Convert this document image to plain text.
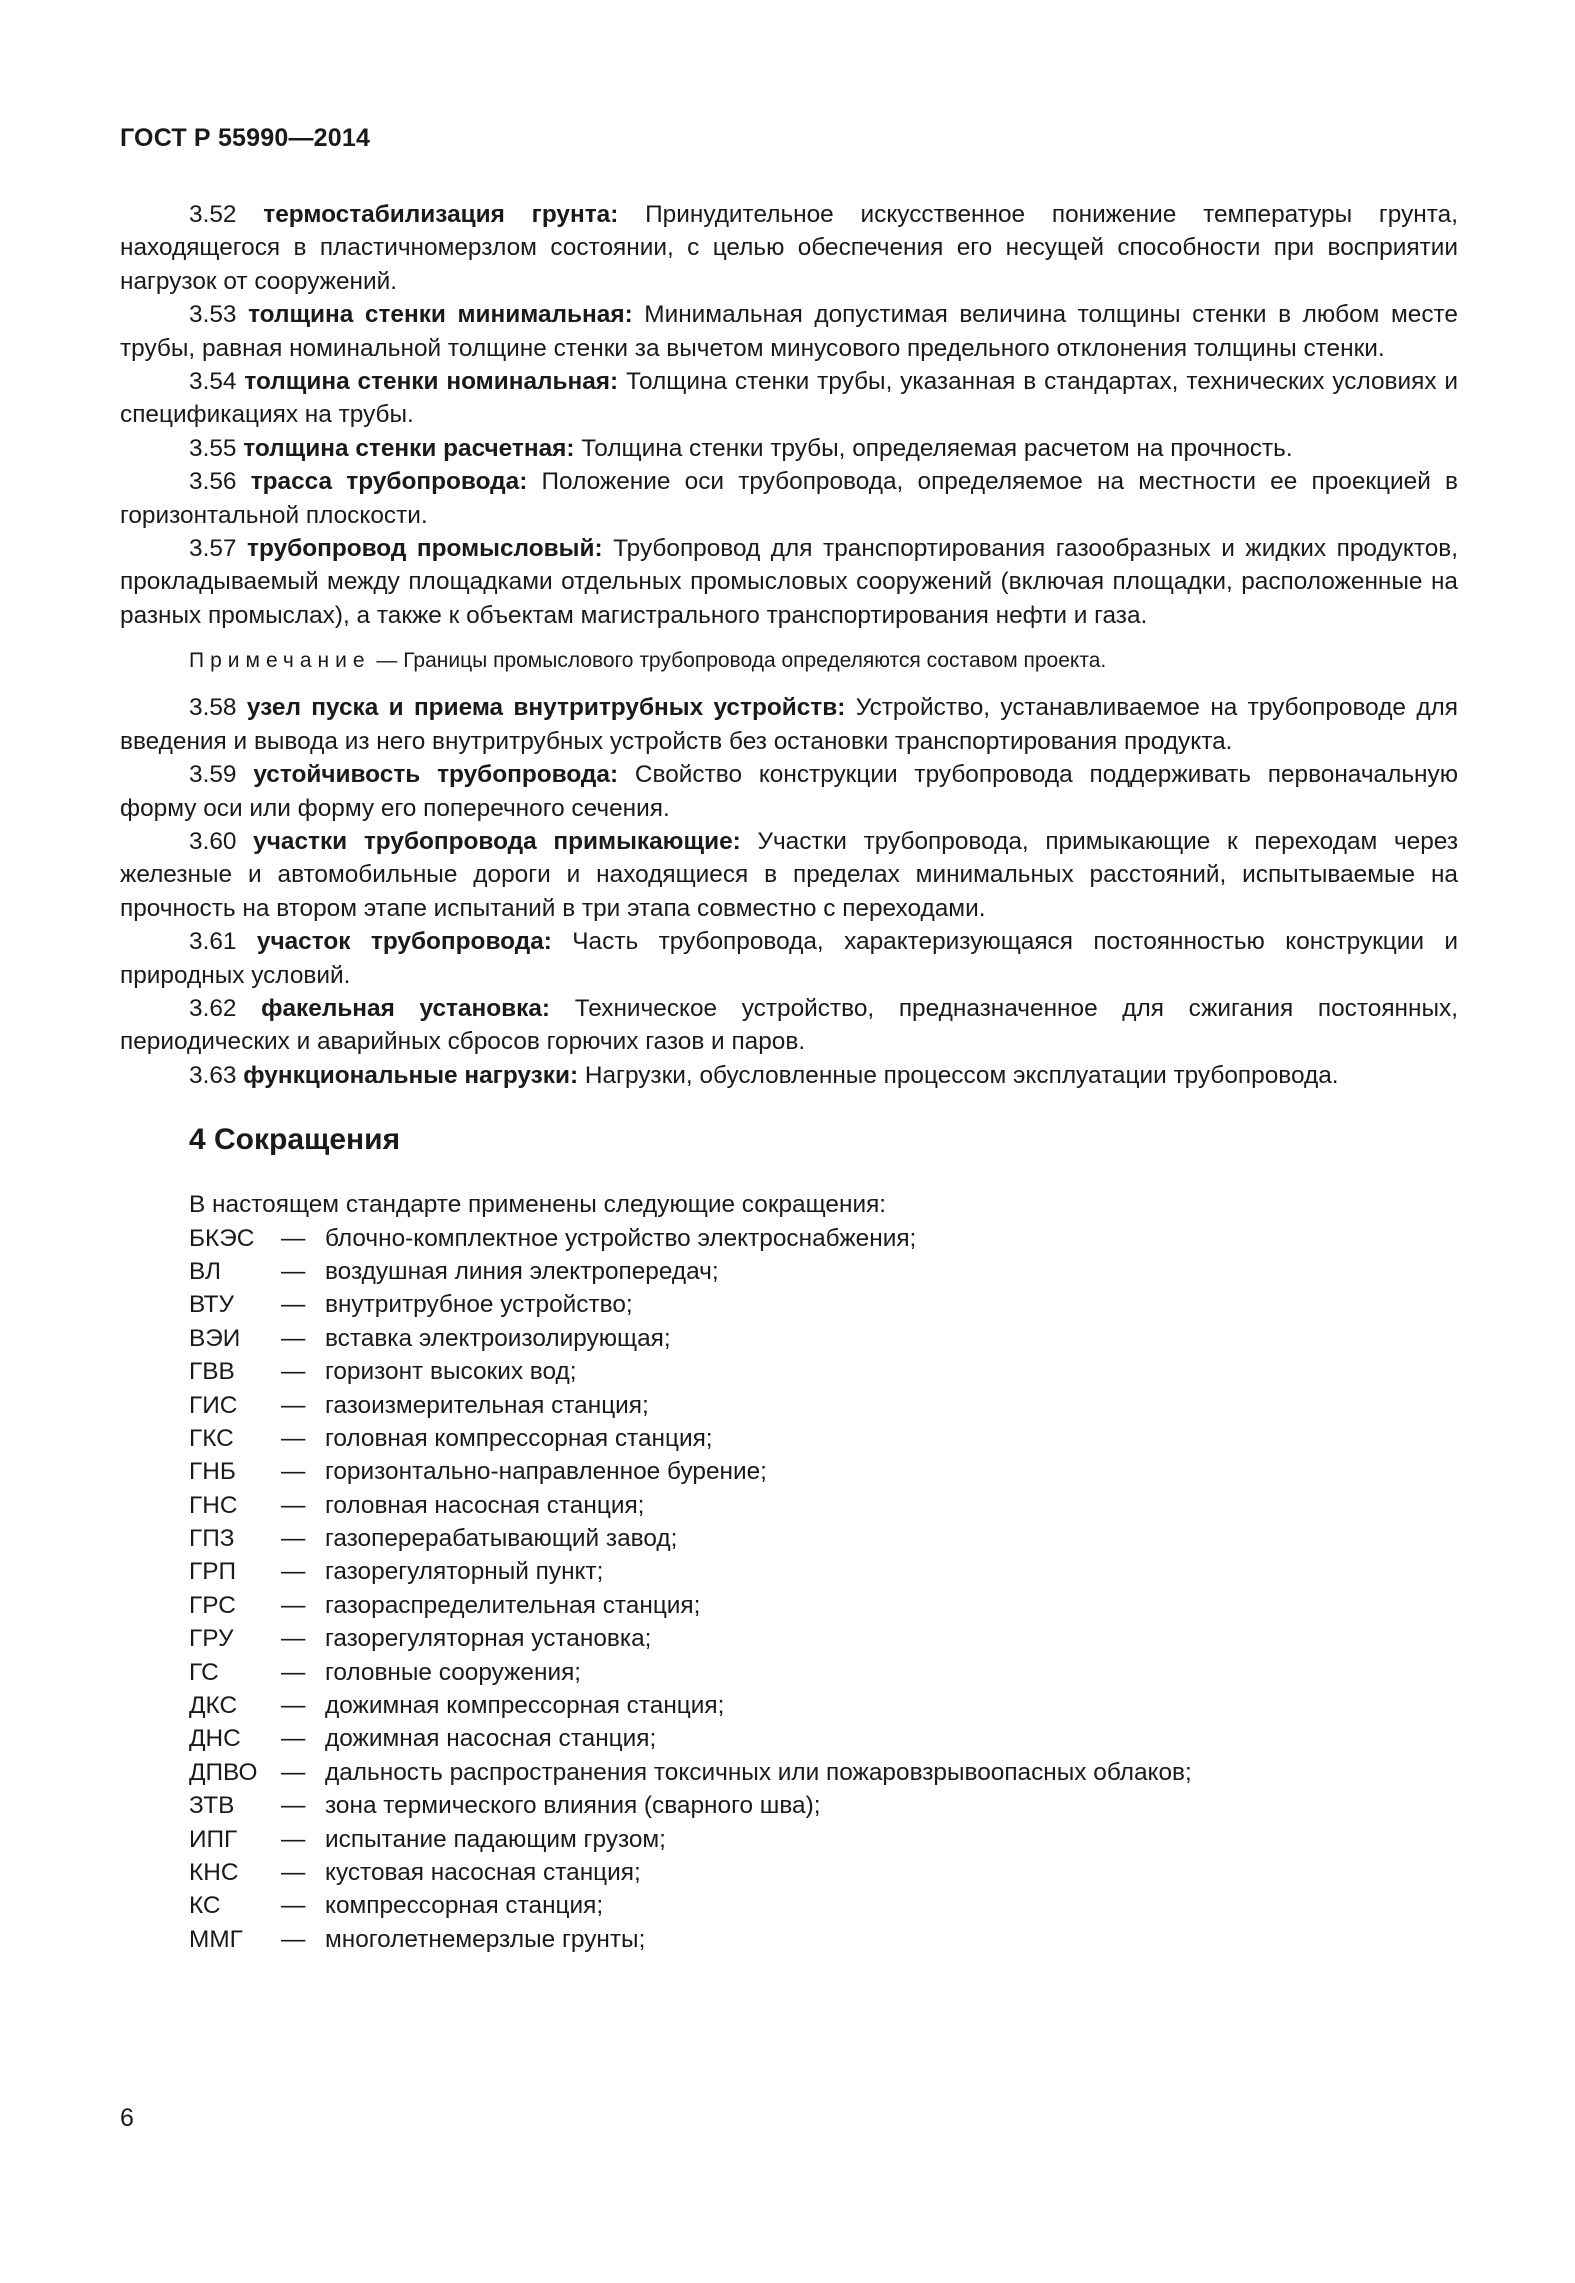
ГОСТ Р 55990—2014

3.52 термостабилизация грунта: Принудительное искусственное понижение температуры грунта, находящегося в пластичномерзлом состоянии, с целью обеспечения его несущей способности при восприятии нагрузок от сооружений.

3.53 толщина стенки минимальная: Минимальная допустимая величина толщины стенки в любом месте трубы, равная номинальной толщине стенки за вычетом минусового предельного отклонения толщины стенки.

3.54 толщина стенки номинальная: Толщина стенки трубы, указанная в стандартах, технических условиях и спецификациях на трубы.

3.55 толщина стенки расчетная: Толщина стенки трубы, определяемая расчетом на прочность.

3.56 трасса трубопровода: Положение оси трубопровода, определяемое на местности ее проекцией в горизонтальной плоскости.

3.57 трубопровод промысловый: Трубопровод для транспортирования газообразных и жидких продуктов, прокладываемый между площадками отдельных промысловых сооружений (включая площадки, расположенные на разных промыслах), а также к объектам магистрального транспортирования нефти и газа.

Примечание — Границы промыслового трубопровода определяются составом проекта.

3.58 узел пуска и приема внутритрубных устройств: Устройство, устанавливаемое на трубопроводе для введения и вывода из него внутритрубных устройств без остановки транспортирования продукта.

3.59 устойчивость трубопровода: Свойство конструкции трубопровода поддерживать первоначальную форму оси или форму его поперечного сечения.

3.60 участки трубопровода примыкающие: Участки трубопровода, примыкающие к переходам через железные и автомобильные дороги и находящиеся в пределах минимальных расстояний, испытываемые на прочность на втором этапе испытаний в три этапа совместно с переходами.

3.61 участок трубопровода: Часть трубопровода, характеризующаяся постоянностью конструкции и природных условий.

3.62 факельная установка: Техническое устройство, предназначенное для сжигания постоянных, периодических и аварийных сбросов горючих газов и паров.

3.63 функциональные нагрузки: Нагрузки, обусловленные процессом эксплуатации трубопровода.

4 Сокращения
В настоящем стандарте применены следующие сокращения:
БКЭС	— блочно-комплектное устройство электроснабжения;
ВЛ	— воздушная линия электропередач;
ВТУ	— внутритрубное устройство;
ВЭИ	— вставка электроизолирующая;
ГВВ	— горизонт высоких вод;
ГИС	— газоизмерительная станция;
ГКС	— головная компрессорная станция;
ГНБ	— горизонтально-направленное бурение;
ГНС	— головная насосная станция;
ГПЗ	— газоперерабатывающий завод;
ГРП	— газорегуляторный пункт;
ГРС	— газораспределительная станция;
ГРУ	— газорегуляторная установка;
ГС	— головные сооружения;
ДКС	— дожимная компрессорная станция;
ДНС	— дожимная насосная станция;
ДПВО — дальность распространения токсичных или пожаровзрывоопасных облаков;
ЗТВ	— зона термического влияния (сварного шва);
ИПГ	— испытание падающим грузом;
КНС	— кустовая насосная станция;
КС	— компрессорная станция;
ММГ	— многолетнемерзлые грунты;
6
